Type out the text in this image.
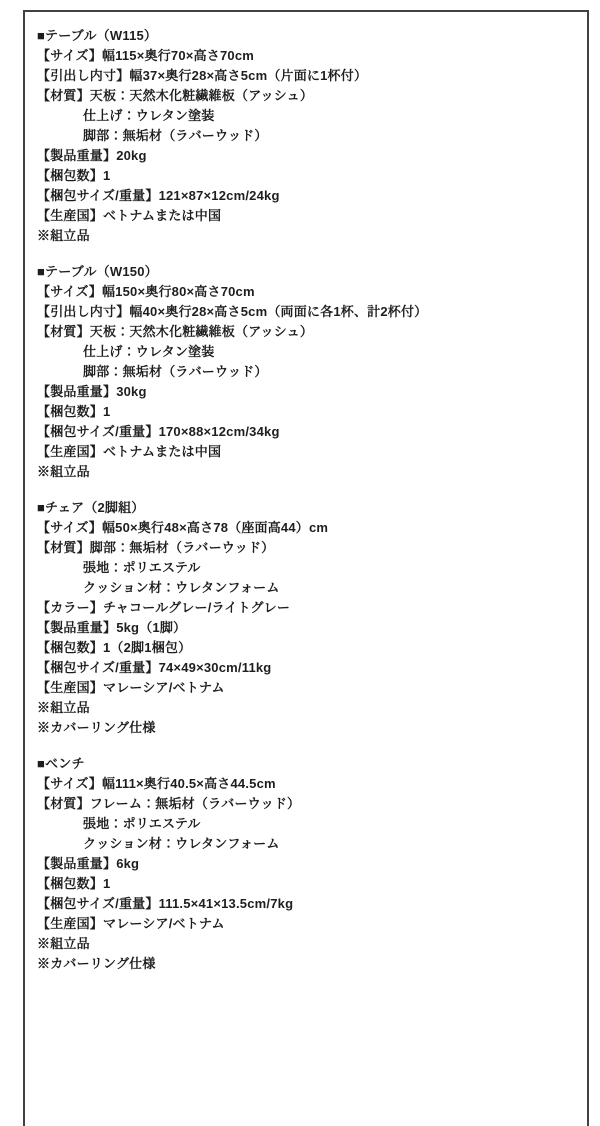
■テーブル（W115）
【サイズ】幅115×奥行70×高さ70cm
【引出し内寸】幅37×奥行28×高さ5cm（片面に1杯付）
【材質】天板：天然木化粧繊維板（アッシュ）
仕上げ：ウレタン塗装
脚部：無垢材（ラバーウッド）
【製品重量】20kg
【梱包数】1
【梱包サイズ/重量】121×87×12cm/24kg
【生産国】ベトナムまたは中国
※組立品
■テーブル（W150）
【サイズ】幅150×奥行80×高さ70cm
【引出し内寸】幅40×奥行28×高さ5cm（両面に各1杯、計2杯付）
【材質】天板：天然木化粧繊維板（アッシュ）
仕上げ：ウレタン塗装
脚部：無垢材（ラバーウッド）
【製品重量】30kg
【梱包数】1
【梱包サイズ/重量】170×88×12cm/34kg
【生産国】ベトナムまたは中国
※組立品
■チェア（2脚組）
【サイズ】幅50×奥行48×高さ78（座面高44）cm
【材質】脚部：無垢材（ラバーウッド）
張地：ポリエステル
クッション材：ウレタンフォーム
【カラー】チャコールグレー/ライトグレー
【製品重量】5kg（1脚）
【梱包数】1（2脚1梱包）
【梱包サイズ/重量】74×49×30cm/11kg
【生産国】マレーシア/ベトナム
※組立品
※カバーリング仕様
■ベンチ
【サイズ】幅111×奥行40.5×高さ44.5cm
【材質】フレーム：無垢材（ラバーウッド）
張地：ポリエステル
クッション材：ウレタンフォーム
【製品重量】6kg
【梱包数】1
【梱包サイズ/重量】111.5×41×13.5cm/7kg
【生産国】マレーシア/ベトナム
※組立品
※カバーリング仕様
